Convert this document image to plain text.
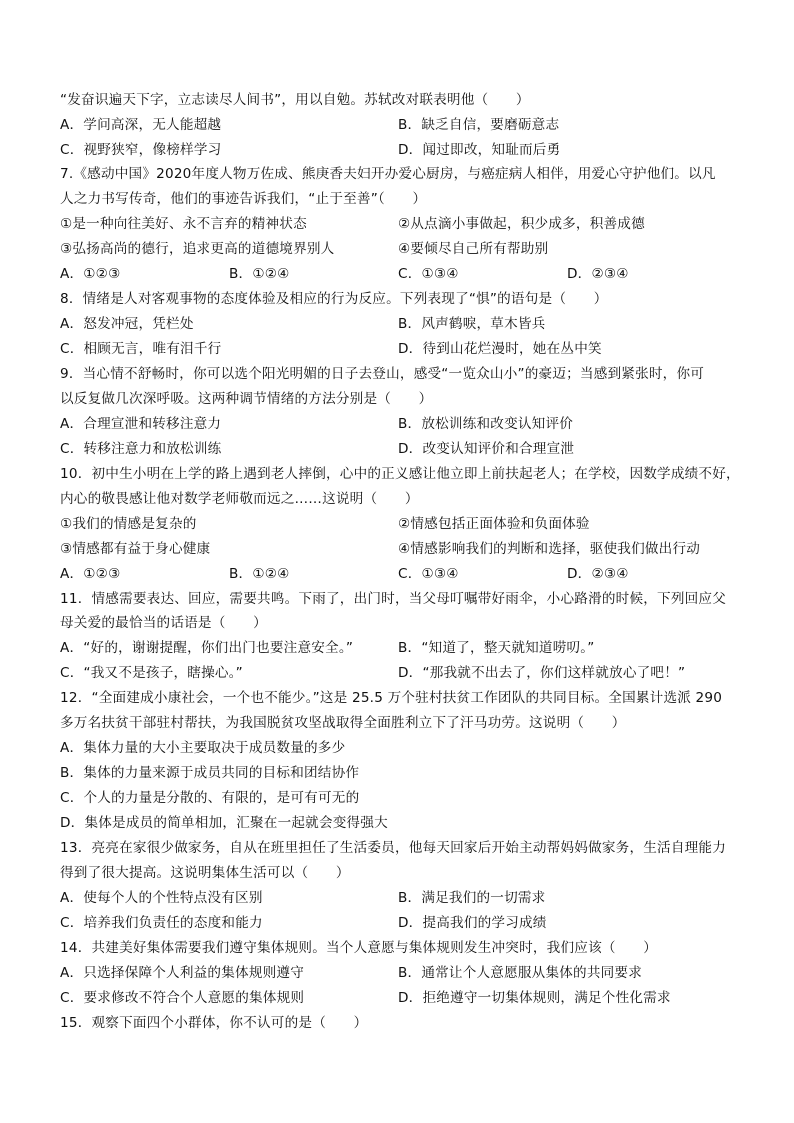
“发奋识遍天下字，立志读尽人间书”，用以自勉。苏轼改对联表明他（　　）
A．学问高深，无人能超越	B．缺乏自信，要磨砺意志
C．视野狭窄，像榜样学习	D．闻过即改，知耻而后勇
7.《感动中国》2020年度人物万佐成、熊庚香夫妇开办爱心厨房，与癌症病人相伴，用爱心守护他们。以凡
人之力书写传奇，他们的事迹告诉我们，“止于至善”（　　）
①是一种向往美好、永不言弃的精神状态	②从点滴小事做起，积少成多，积善成德
③弘扬高尚的德行，追求更高的道德境界别人	④要倾尽自己所有帮助别
A．①②③	B．①②④	C．①③④	D．②③④
8．情绪是人对客观事物的态度体验及相应的行为反应。下列表现了“惧”的语句是（　　）
A．怒发冲冠，凭栏处	B．风声鹤唳，草木皆兵
C．相顾无言，唯有泪千行	D．待到山花烂漫时，她在丛中笑
9．当心情不舒畅时，你可以选个阳光明媚的日子去登山，感受“一览众山小”的豪迈；当感到紧张时，你可
以反复做几次深呼吸。这两种调节情绪的方法分别是（　　）
A．合理宣泄和转移注意力	B．放松训练和改变认知评价
C．转移注意力和放松训练	D．改变认知评价和合理宣泄
10．初中生小明在上学的路上遇到老人摔倒，心中的正义感让他立即上前扶起老人；在学校，因数学成绩不好，
内心的敬畏感让他对数学老师敬而远之……这说明（　　）
①我们的情感是复杂的	②情感包括正面体验和负面体验
③情感都有益于身心健康	④情感影响我们的判断和选择，驱使我们做出行动
A．①②③	B．①②④	C．①③④	D．②③④
11．情感需要表达、回应，需要共鸣。下雨了，出门时，当父母叮嘱带好雨伞，小心路滑的时候，下列回应父
母关爱的最恰当的话语是（　　）
A．“好的，谢谢提醒，你们出门也要注意安全。”	B．“知道了，整天就知道唠叨。”
C．“我又不是孩子，瞎操心。”	D．“那我就不出去了，你们这样就放心了吧！”
12．“全面建成小康社会，一个也不能少。”这是 25.5 万个驻村扶贫工作团队的共同目标。全国累计选派 290
多万名扶贫干部驻村帮扶，为我国脱贫攻坚战取得全面胜利立下了汗马功劳。这说明（　　）
A．集体力量的大小主要取决于成员数量的多少
B．集体的力量来源于成员共同的目标和团结协作
C．个人的力量是分散的、有限的，是可有可无的
D．集体是成员的简单相加，汇聚在一起就会变得强大
13．亮亮在家很少做家务，自从在班里担任了生活委员，他每天回家后开始主动帮妈妈做家务，生活自理能力
得到了很大提高。这说明集体生活可以（　　）
A．使每个人的个性特点没有区别	B．满足我们的一切需求
C．培养我们负责任的态度和能力	D．提高我们的学习成绩
14．共建美好集体需要我们遵守集体规则。当个人意愿与集体规则发生冲突时，我们应该（　　）
A．只选择保障个人利益的集体规则遵守	B．通常让个人意愿服从集体的共同要求
C．要求修改不符合个人意愿的集体规则	D．拒绝遵守一切集体规则，满足个性化需求
15．观察下面四个小群体，你不认可的是（　　）
